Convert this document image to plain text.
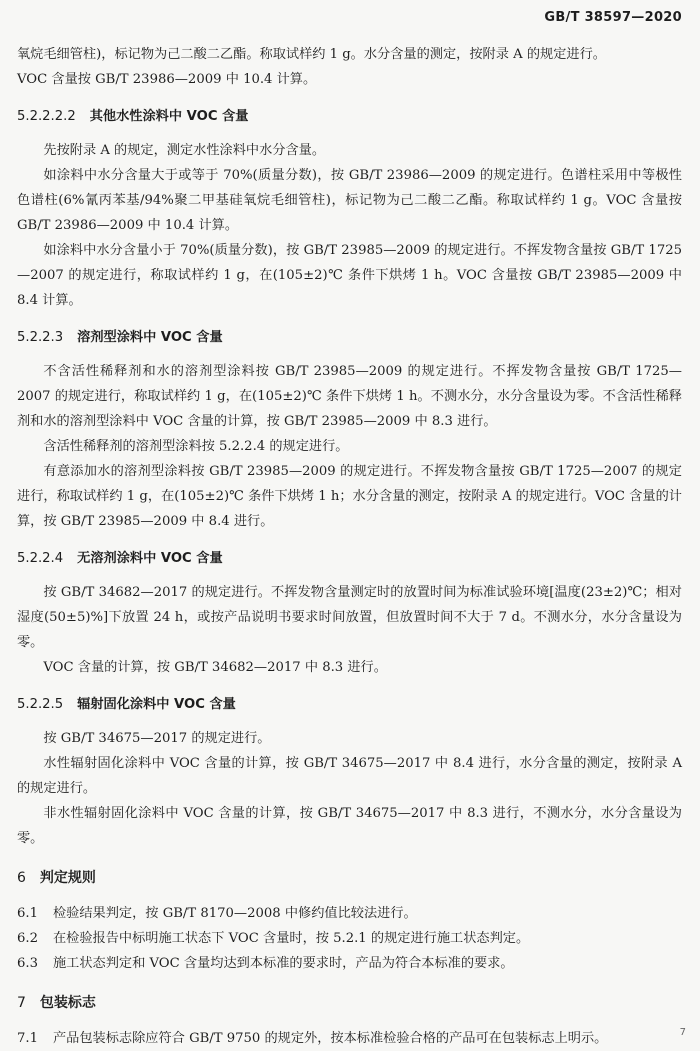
GB/T 38597—2020

氧烷毛细管柱)，标记物为己二酸二乙酯。称取试样约 1 g。水分含量的测定，按附录 A 的规定进行。

VOC 含量按 GB/T 23986—2009 中 10.4 计算。

5.2.2.2.2 其他水性涂料中 VOC 含量

先按附录 A 的规定，测定水性涂料中水分含量。

如涂料中水分含量大于或等于 70%(质量分数)，按 GB/T 23986—2009 的规定进行。色谱柱采用中等极性色谱柱(6%氰丙苯基/94%聚二甲基硅氧烷毛细管柱)，标记物为己二酸二乙酯。称取试样约 1 g。VOC 含量按 GB/T 23986—2009 中 10.4 计算。

如涂料中水分含量小于 70%(质量分数)，按 GB/T 23985—2009 的规定进行。不挥发物含量按 GB/T 1725—2007 的规定进行，称取试样约 1 g，在(105±2)℃ 条件下烘烤 1 h。VOC 含量按 GB/T 23985—2009 中 8.4 计算。

5.2.2.3 溶剂型涂料中 VOC 含量

不含活性稀释剂和水的溶剂型涂料按 GB/T 23985—2009 的规定进行。不挥发物含量按 GB/T 1725—2007 的规定进行，称取试样约 1 g，在(105±2)℃ 条件下烘烤 1 h。不测水分，水分含量设为零。不含活性稀释剂和水的溶剂型涂料中 VOC 含量的计算，按 GB/T 23985—2009 中 8.3 进行。

含活性稀释剂的溶剂型涂料按 5.2.2.4 的规定进行。

有意添加水的溶剂型涂料按 GB/T 23985—2009 的规定进行。不挥发物含量按 GB/T 1725—2007 的规定进行，称取试样约 1 g，在(105±2)℃ 条件下烘烤 1 h；水分含量的测定，按附录 A 的规定进行。VOC 含量的计算，按 GB/T 23985—2009 中 8.4 进行。

5.2.2.4 无溶剂涂料中 VOC 含量

按 GB/T 34682—2017 的规定进行。不挥发物含量测定时的放置时间为标准试验环境[温度(23±2)℃；相对湿度(50±5)%]下放置 24 h，或按产品说明书要求时间放置，但放置时间不大于 7 d。不测水分，水分含量设为零。

VOC 含量的计算，按 GB/T 34682—2017 中 8.3 进行。

5.2.2.5 辐射固化涂料中 VOC 含量

按 GB/T 34675—2017 的规定进行。

水性辐射固化涂料中 VOC 含量的计算，按 GB/T 34675—2017 中 8.4 进行，水分含量的测定，按附录 A 的规定进行。

非水性辐射固化涂料中 VOC 含量的计算，按 GB/T 34675—2017 中 8.3 进行，不测水分，水分含量设为零。

6 判定规则
6.1 检验结果判定，按 GB/T 8170—2008 中修约值比较法进行。
6.2 在检验报告中标明施工状态下 VOC 含量时，按 5.2.1 的规定进行施工状态判定。
6.3 施工状态判定和 VOC 含量均达到本标准的要求时，产品为符合本标准的要求。
7 包装标志
7.1 产品包装标志除应符合 GB/T 9750 的规定外，按本标准检验合格的产品可在包装标志上明示。	7
